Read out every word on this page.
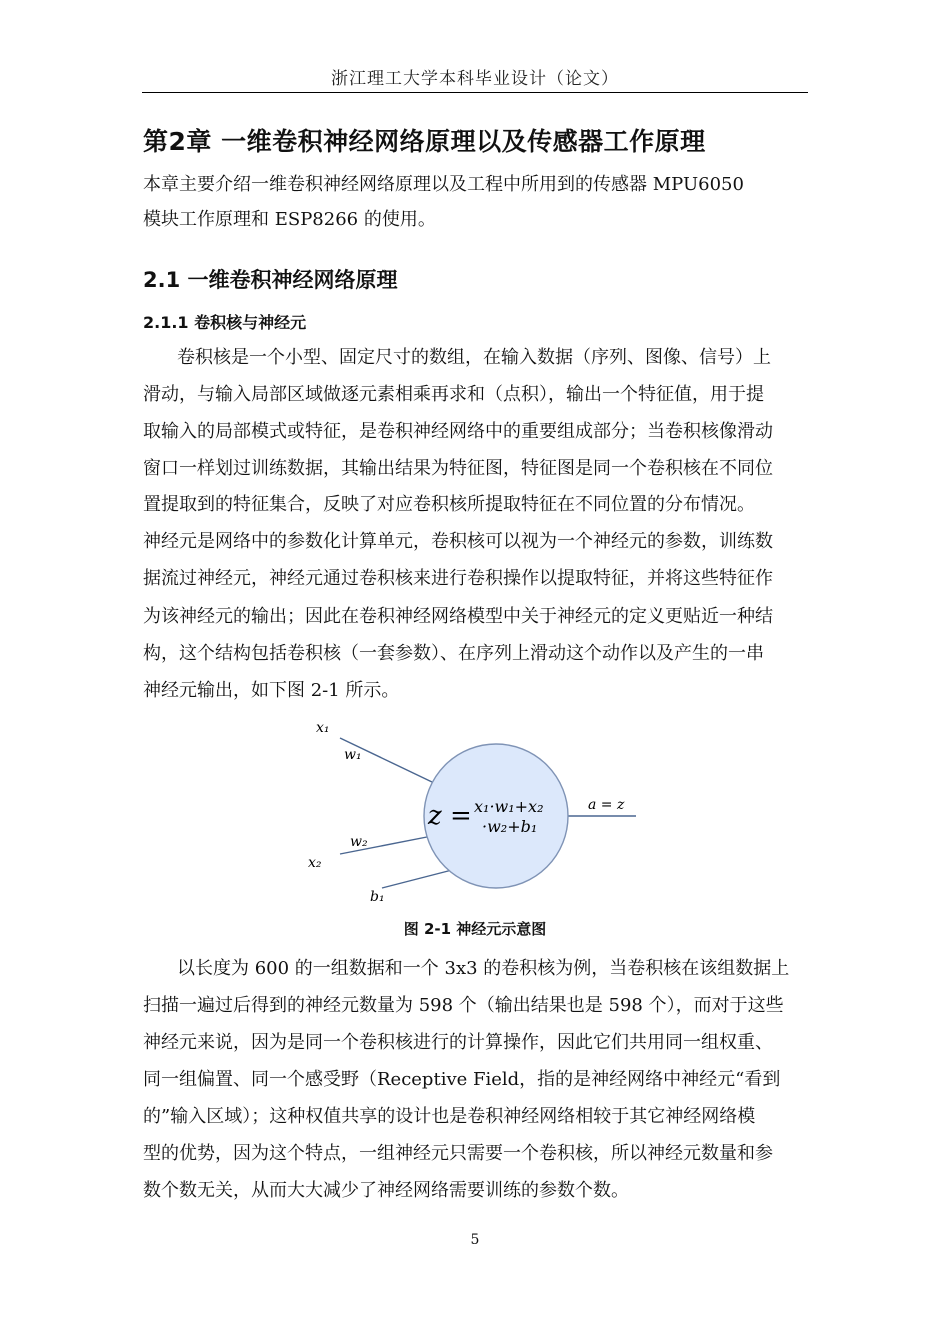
浙江理工大学本科毕业设计（论文）
第2章 一维卷积神经网络原理以及传感器工作原理
本章主要介绍一维卷积神经网络原理以及工程中所用到的传感器 MPU6050
模块工作原理和 ESP8266 的使用。
2.1 一维卷积神经网络原理
2.1.1 卷积核与神经元
卷积核是一个小型、固定尺寸的数组，在输入数据（序列、图像、信号）上
滑动，与输入局部区域做逐元素相乘再求和（点积），输出一个特征值，用于提
取输入的局部模式或特征，是卷积神经网络中的重要组成部分；当卷积核像滑动
窗口一样划过训练数据，其输出结果为特征图，特征图是同一个卷积核在不同位
置提取到的特征集合，反映了对应卷积核所提取特征在不同位置的分布情况。
神经元是网络中的参数化计算单元，卷积核可以视为一个神经元的参数，训练数
据流过神经元，神经元通过卷积核来进行卷积操作以提取特征，并将这些特征作
为该神经元的输出；因此在卷积神经网络模型中关于神经元的定义更贴近一种结
构，这个结构包括卷积核（一套参数）、在序列上滑动这个动作以及产生的一串
神经元输出，如下图 2-1 所示。
x₁
w₁
w₂
x₂
b₁
z = x₁·w₁+x₂
·w₂+b₁
a = z
图 2-1 神经元示意图
以长度为 600 的一组数据和一个 3x3 的卷积核为例，当卷积核在该组数据上
扫描一遍过后得到的神经元数量为 598 个（输出结果也是 598 个），而对于这些
神经元来说，因为是同一个卷积核进行的计算操作，因此它们共用同一组权重、
同一组偏置、同一个感受野（Receptive Field，指的是神经网络中神经元“看到
的”输入区域）；这种权值共享的设计也是卷积神经网络相较于其它神经网络模
型的优势，因为这个特点，一组神经元只需要一个卷积核，所以神经元数量和参
数个数无关，从而大大减少了神经网络需要训练的参数个数。
5
